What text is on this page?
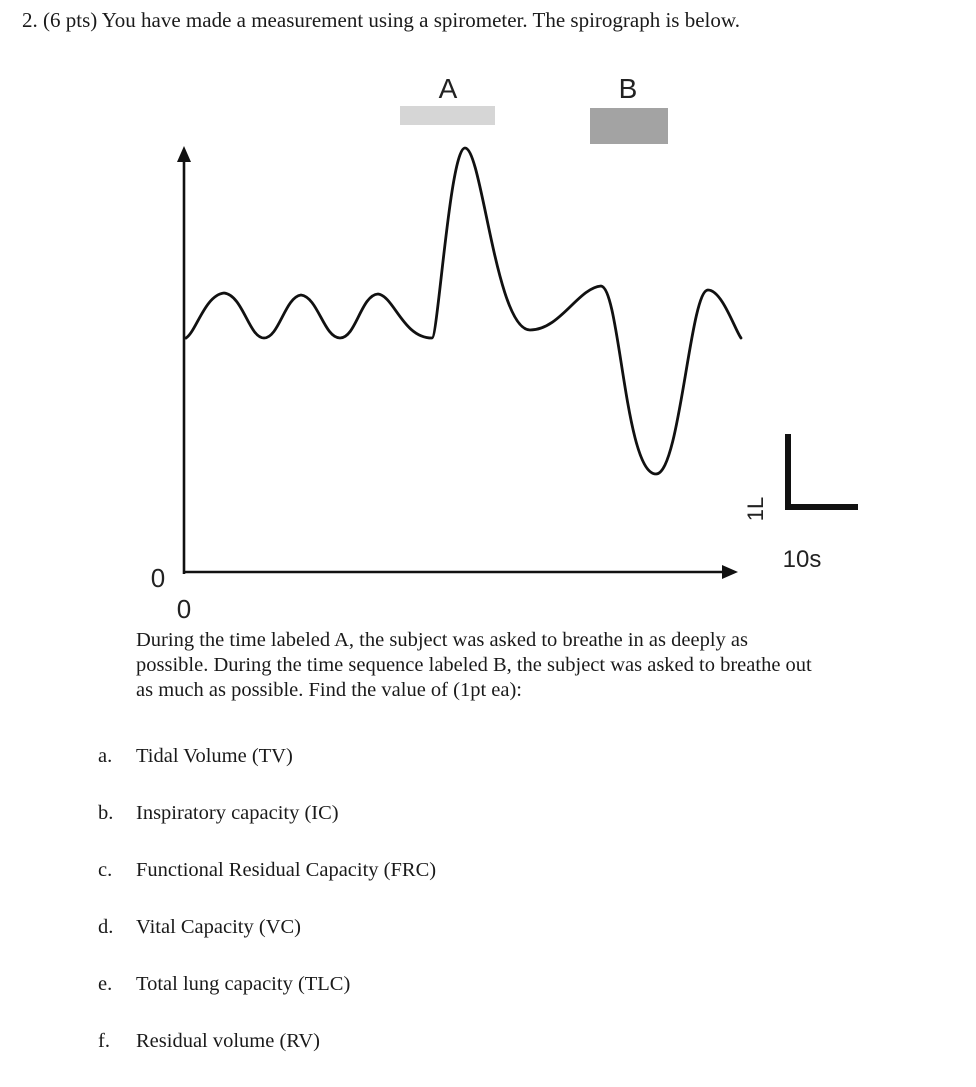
2. (6 pts) You have made a measurement using a spirometer. The spirograph is below.
A	B
0
0
1L
10s
During the time labeled A, the subject was asked to breathe in as deeply as
possible. During the time sequence labeled B, the subject was asked to breathe out
as much as possible. Find the value of (1pt ea):
a.	Tidal Volume (TV)
b.	Inspiratory capacity (IC)
c.	Functional Residual Capacity (FRC)
d.	Vital Capacity (VC)
e.	Total lung capacity (TLC)
f.	Residual volume (RV)
